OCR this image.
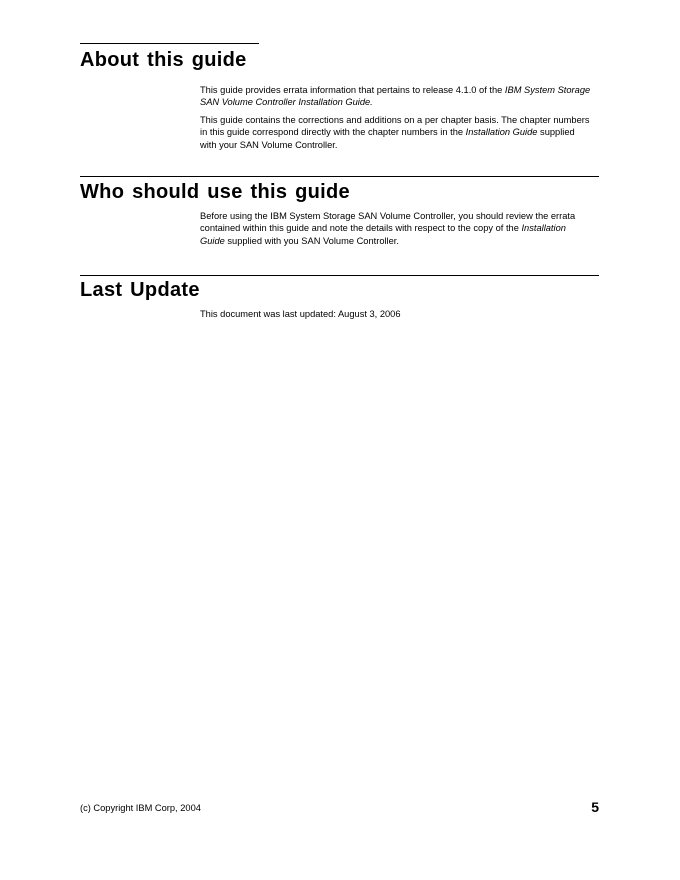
About this guide

This guide provides errata information that pertains to release 4.1.0 of the IBM System Storage SAN Volume Controller Installation Guide.

This guide contains the corrections and additions on a per chapter basis. The chapter numbers in this guide correspond directly with the chapter numbers in the Installation Guide supplied with your SAN Volume Controller.

Who should use this guide

Before using the IBM System Storage SAN Volume Controller, you should review the errata contained within this guide and note the details with respect to the copy of the Installation Guide supplied with you SAN Volume Controller.

Last Update

This document was last updated: August 3, 2006

(c) Copyright IBM Corp, 2004	5
